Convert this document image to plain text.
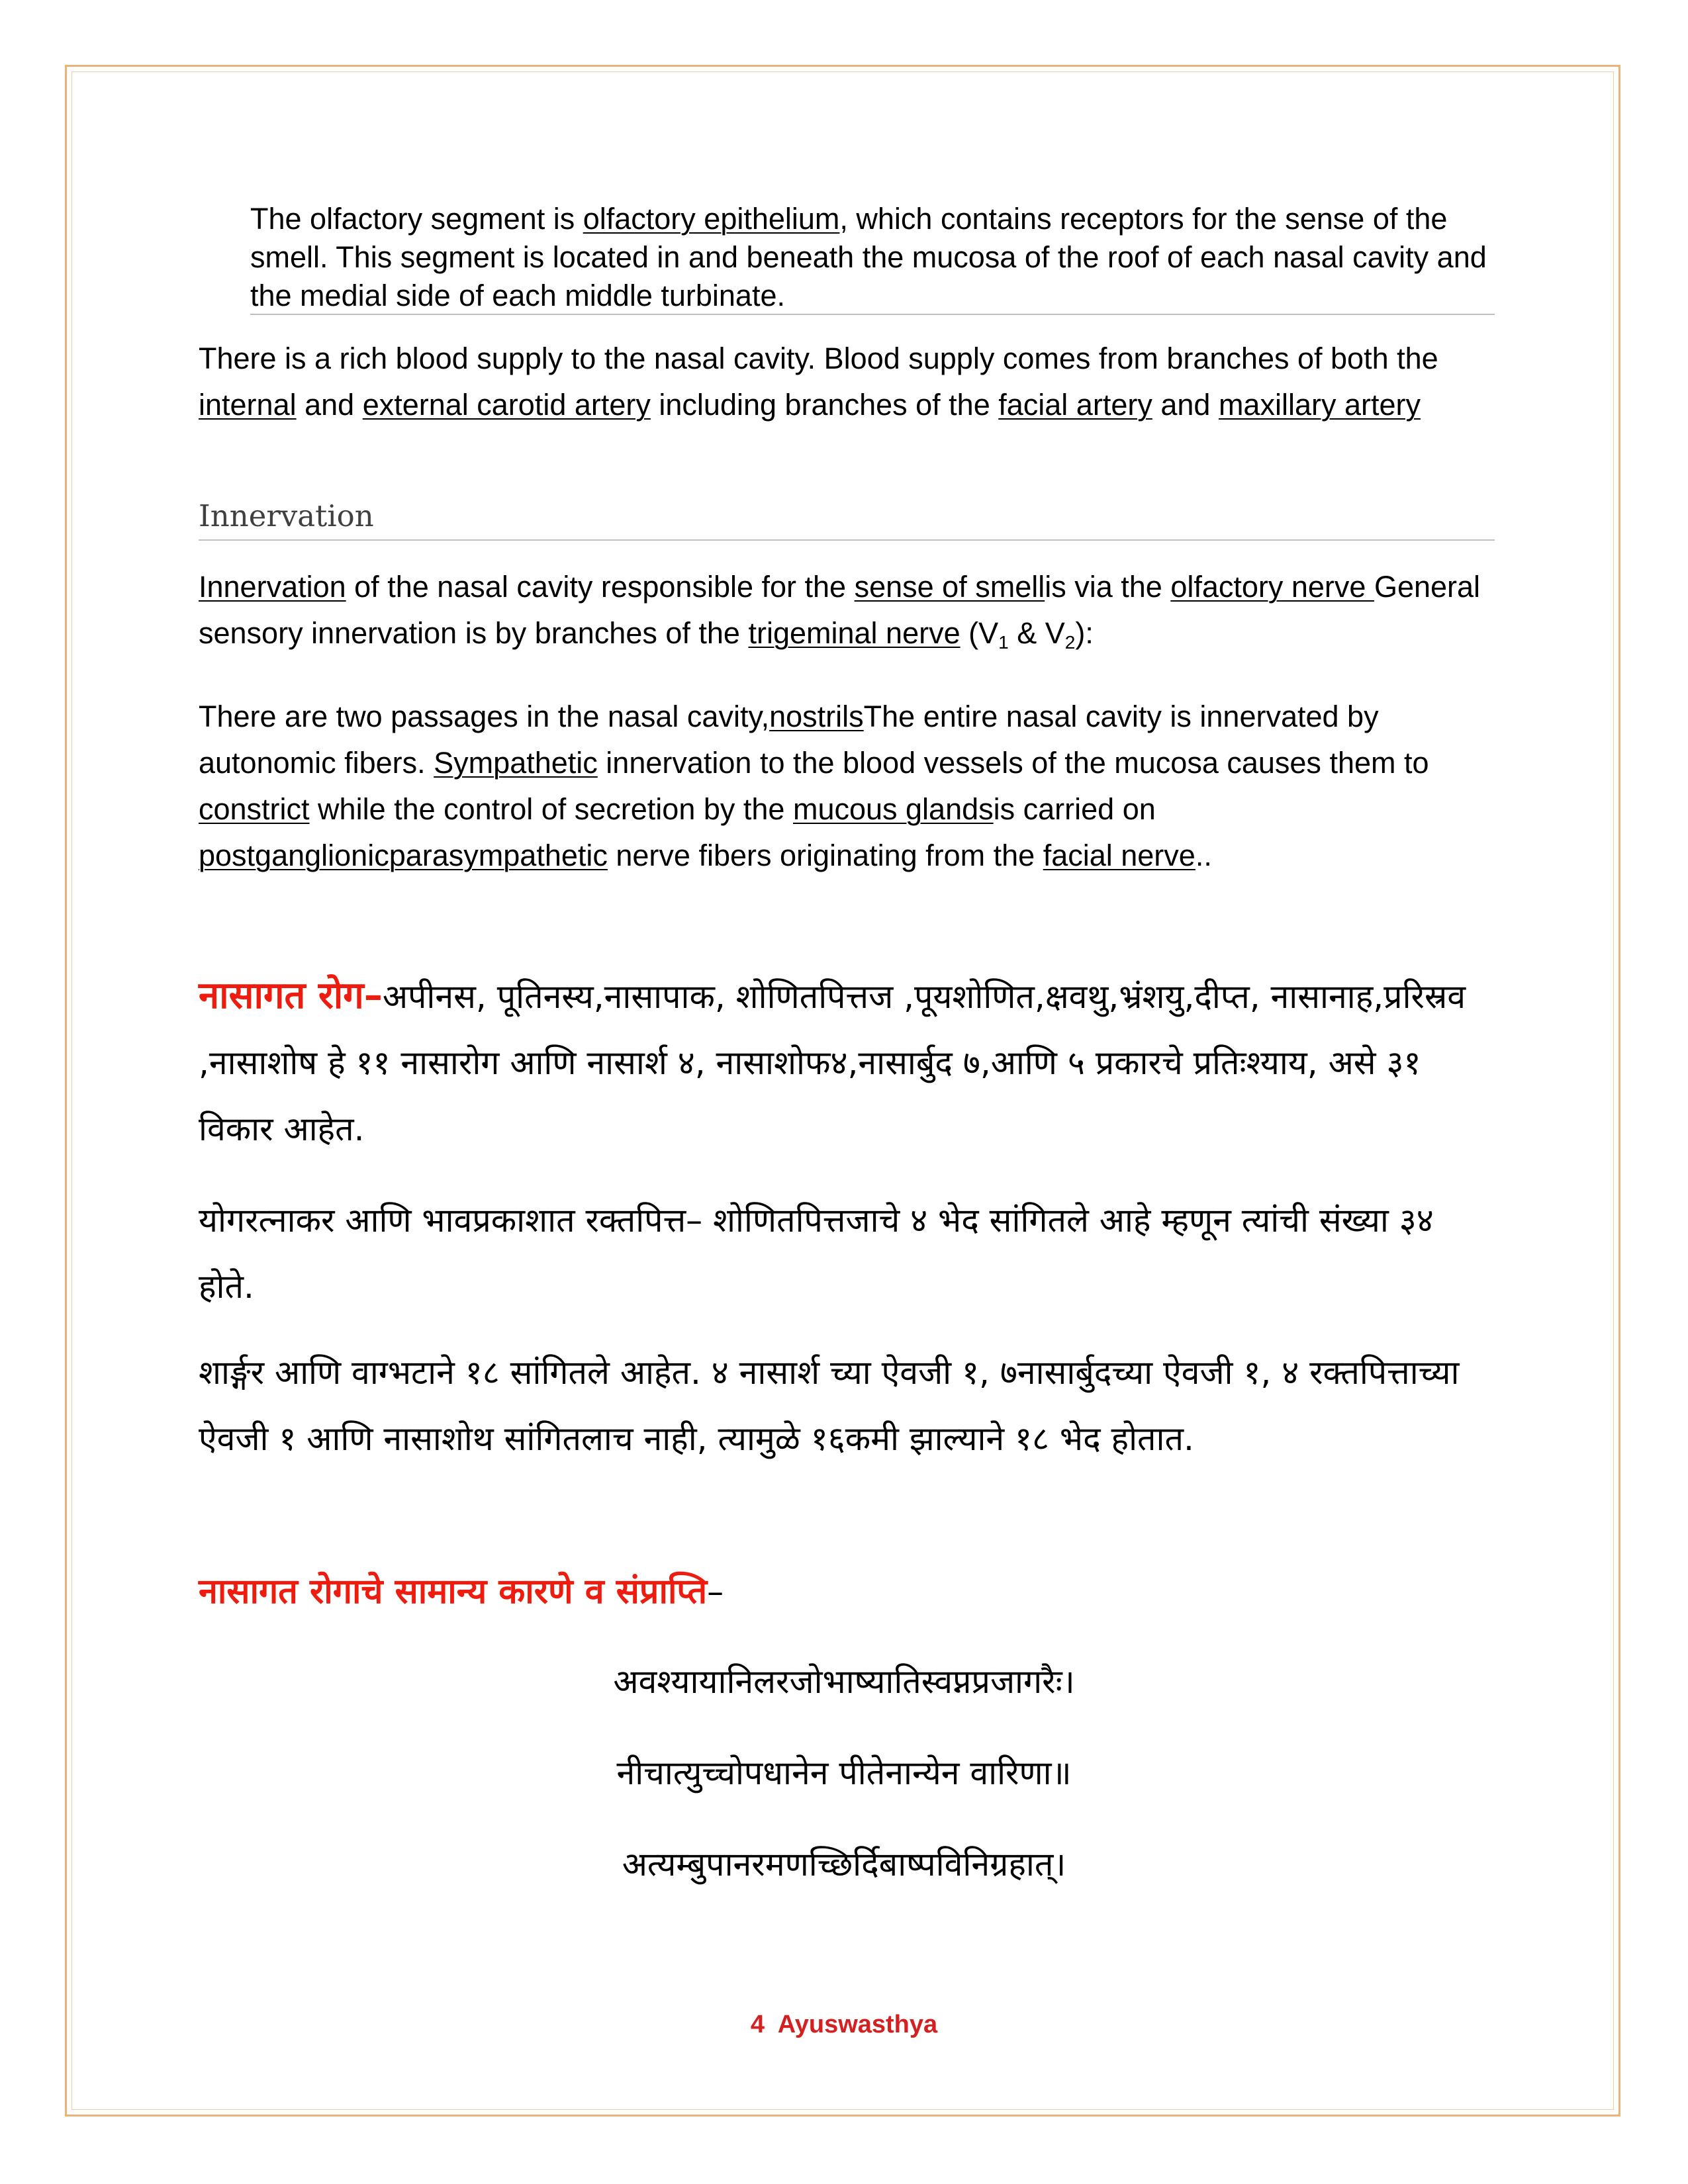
The olfactory segment is olfactory epithelium, which contains receptors for the sense of the smell. This segment is located in and beneath the mucosa of the roof of each nasal cavity and the medial side of each middle turbinate.
There is a rich blood supply to the nasal cavity. Blood supply comes from branches of both the internal and external carotid artery including branches of the facial artery and maxillary artery
Innervation
Innervation of the nasal cavity responsible for the sense of smellis via the olfactory nerve General sensory innervation is by branches of the trigeminal nerve ($V_1$ & $V_2$):
There are two passages in the nasal cavity,nostrilsThe entire nasal cavity is innervated by autonomic fibers. Sympathetic innervation to the blood vessels of the mucosa causes them to constrict while the control of secretion by the mucous glandsis carried on postganglionicparasympathetic nerve fibers originating from the facial nerve..
नासागत रोग–अपीनस, पूतिनस्य,नासापाक, शोणितपित्तज ,पूयशोणित,क्षवथु,भ्रंशयु,दीप्त, नासानाह,प्ररिस्रव ,नासाशोष हे ११ नासारोग आणि नासार्श ४, नासाशोफ४,नासार्बुद ७,आणि ५ प्रकारचे प्रतिःश्याय, असे ३१ विकार आहेत.
योगरत्नाकर आणि भावप्रकाशात रक्तपित्त– शोणितपित्तजाचे ४ भेद सांगितले आहे म्हणून त्यांची संख्या ३४ होते.
शार्ङ्गर आणि वाग्भटाने १८ सांगितले आहेत. ४ नासार्श च्या ऐवजी १, ७नासार्बुदच्या ऐवजी १, ४ रक्तपित्ताच्या ऐवजी १ आणि नासाशोथ सांगितलाच नाही, त्यामुळे १६कमी झाल्याने १८ भेद होतात.
नासागत रोगाचे सामान्य कारणे व संप्राप्ति–
अवश्यायानिलरजोभाष्यातिस्वप्नप्रजागरैः।
नीचात्युच्चोपधानेन पीतेनान्येन वारिणा॥
अत्यम्बुपानरमणच्छिर्दिबाष्पविनिग्रहात्।
4 Ayuswasthya
